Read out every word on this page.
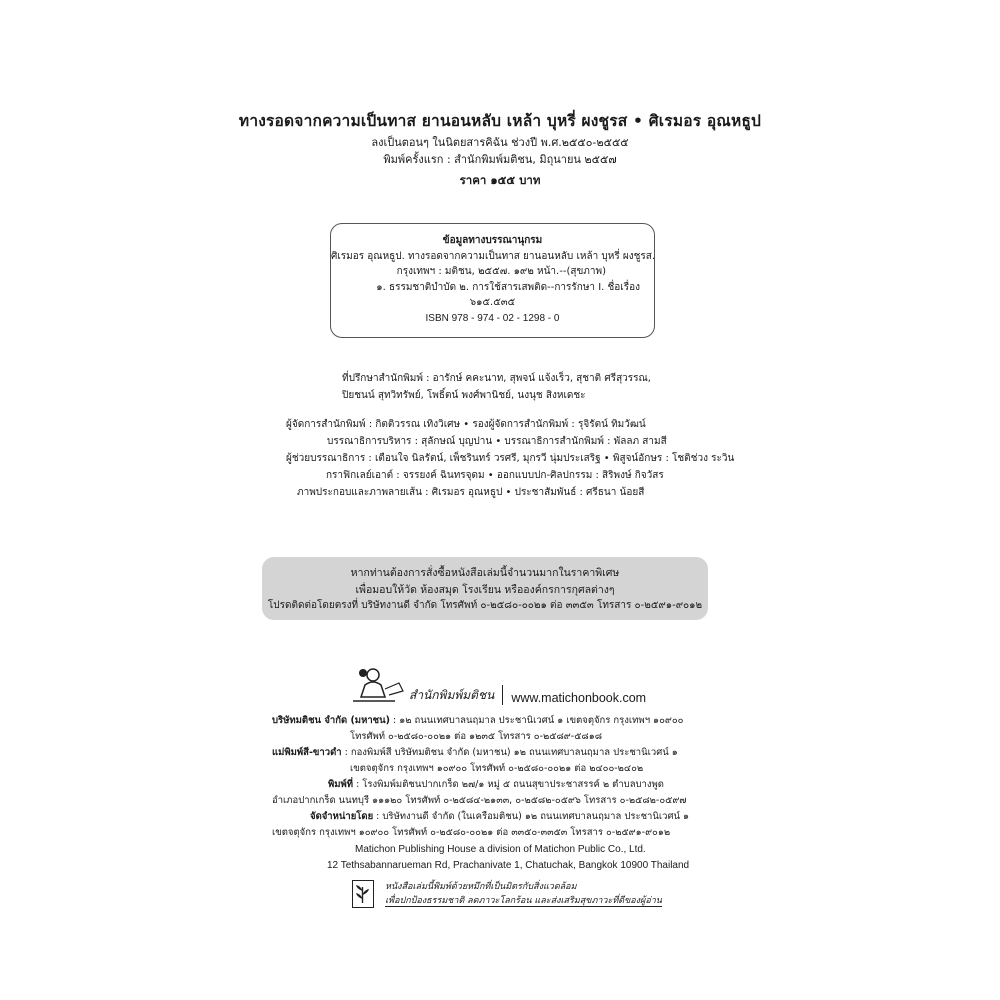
ทางรอดจากความเป็นทาส ยานอนหลับ เหล้า บุหรี่ ผงชูรส • ศิเรมอร อุณหธูป
ลงเป็นตอนๆ ในนิตยสารคิฉัน ช่วงปี พ.ศ.๒๕๕๐-๒๕๕๕
พิมพ์ครั้งแรก : สำนักพิมพ์มติชน, มิถุนายน ๒๕๕๗
ราคา ๑๕๕ บาท
ข้อมูลทางบรรณานุกรม
ศิเรมอร อุณหธูป. ทางรอดจากความเป็นทาส ยานอนหลับ เหล้า บุหรี่ ผงชูรส.
กรุงเทพฯ : มติชน, ๒๕๕๗. ๑๙๒ หน้า.--(สุขภาพ)
๑. ธรรมชาติบำบัด ๒. การใช้สารเสพติด--การรักษา I. ชื่อเรื่อง
๖๑๕.๕๓๕
ISBN 978 - 974 - 02 - 1298 - 0
ที่ปรึกษาสำนักพิมพ์ : อารักษ์ คคะนาท, สุพจน์ แจ้งเร็ว, สุชาติ ศรีสุวรรณ,
ปิยชนน์ สุทวิทรัพย์, โพธิ์ตน์ พงศ์พานิชย์, นงนุช สิงหเดชะ
ผู้จัดการสำนักพิมพ์ : กิตติวรรณ เทิงวิเศษ • รองผู้จัดการสำนักพิมพ์ : รุจิรัตน์ ทิมวัฒน์
บรรณาธิการบริหาร : สุลักษณ์ บุญปาน • บรรณาธิการสำนักพิมพ์ : พัลลภ สามสี
ผู้ช่วยบรรณาธิการ : เตือนใจ นิลรัตน์, เพ็ชรินทร์ วรศรี, มุกรวี นุ่มประเสริฐ • พิสูจน์อักษร : โชติช่วง ระวิน
กราฟิกเลย์เอาต์ : จรรยงค์ ฉินทรจุดม • ออกแบบปก-ศิลปกรรม : สิริพงษ์ กิจวัสร
ภาพประกอบและภาพลายเส้น : ศิเรมอร อุณหธูป • ประชาสัมพันธ์ : ศรีธนา น้อยสี
หากท่านต้องการสั่งซื้อหนังสือเล่มนี้จำนวนมากในราคาพิเศษ
เพื่อมอบให้วัด ห้องสมุด โรงเรียน หรือองค์กรการกุศลต่างๆ
โปรดติดต่อโดยตรงที่ บริษัทงานดี จำกัด โทรศัพท์ ๐-๒๕๘๐-๐๐๒๑ ต่อ ๓๓๕๓ โทรสาร ๐-๒๕๙๑-๙๐๑๒
สำนักพิมพ์มติชน www.matichonbook.com
บริษัทมติชน จำกัด (มหาชน) : ๑๒ ถนนเทศบาลนฤมาล ประชานิเวศน์ ๑ เขตจตุจักร กรุงเทพฯ ๑๐๙๐๐
โทรศัพท์ ๐-๒๕๘๐-๐๐๒๑ ต่อ ๑๒๓๕ โทรสาร ๐-๒๕๘๙-๕๘๑๘
แม่พิมพ์สี-ขาวดำ : กองพิมพ์สี บริษัทมติชน จำกัด (มหาชน) ๑๒ ถนนเทศบาลนฤมาล ประชานิเวศน์ ๑
เขตจตุจักร กรุงเทพฯ ๑๐๙๐๐ โทรศัพท์ ๐-๒๕๘๐-๐๐๒๑ ต่อ ๒๔๐๐-๒๔๐๒
พิมพ์ที่ : โรงพิมพ์มติชนปากเกร็ด ๒๗/๑ หมู่ ๕ ถนนสุขาประชาสรรค์ ๒ ตำบลบางพูด
อำเภอปากเกร็ด นนทบุรี ๑๑๑๒๐ โทรศัพท์ ๐-๒๕๘๔-๒๑๓๓, ๐-๒๕๘๒-๐๕๙๖ โทรสาร ๐-๒๕๘๒-๐๕๙๗
จัดจำหน่ายโดย : บริษัทงานดี จำกัด (ในเครือมติชน) ๑๒ ถนนเทศบาลนฤมาล ประชานิเวศน์ ๑
เขตจตุจักร กรุงเทพฯ ๑๐๙๐๐ โทรศัพท์ ๐-๒๕๘๐-๐๐๒๑ ต่อ ๓๓๕๐-๓๓๕๓ โทรสาร ๐-๒๕๙๑-๙๐๑๒
Matichon Publishing House a division of Matichon Public Co., Ltd.
12 Tethsabannarueman Rd, Prachanivate 1, Chatuchak, Bangkok 10900 Thailand
หนังสือเล่มนี้พิมพ์ด้วยหมึกที่เป็นมิตรกับสิ่งแวดล้อม
เพื่อปกป้องธรรมชาติ ลดภาวะโลกร้อน และส่งเสริมสุขภาวะที่ดีของผู้อ่าน
